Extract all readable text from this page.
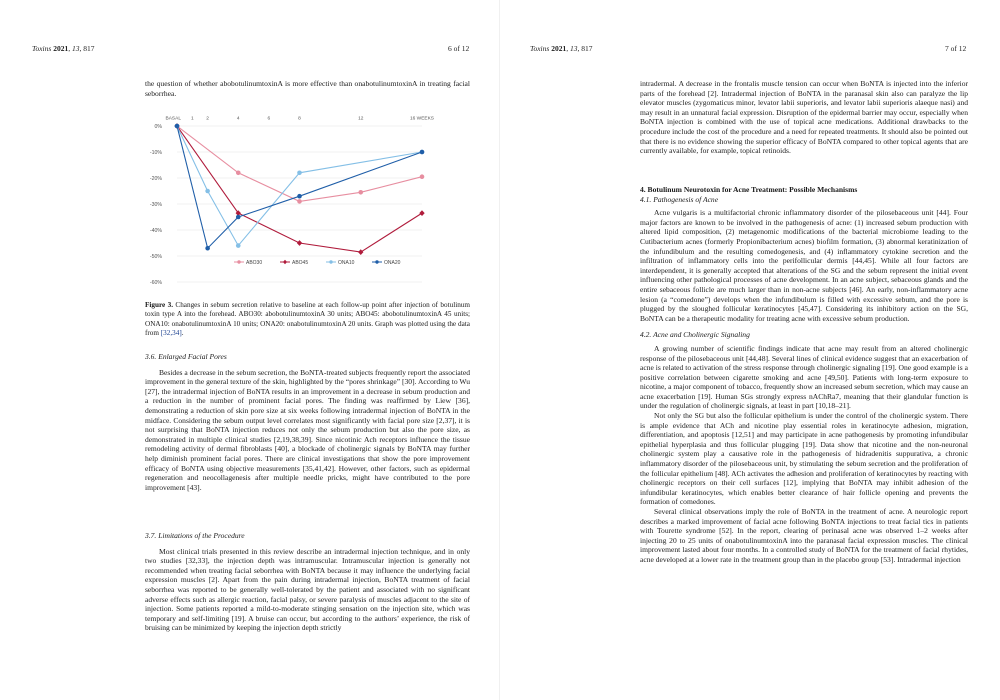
Toxins 2021, 13, 817	6 of 12

the question of whether abobotulinumtoxinA is more effective than onabotulinumtoxinA in treating facial seborrhea.

0%
-10%
-20%
-30%
-40%
-50%
-60%
BASAL 1	2	4	6	8	12	16 WEEKS
ABO30	ABO45	ONA10	ONA20
Figure 3. Changes in sebum secretion relative to baseline at each follow-up point after injection of botulinum toxin type A into the forehead. ABO30: abobotulinumtoxinA 30 units; ABO45: abobotulinumtoxinA 45 units; ONA10: onabotulinumtoxinA 10 units; ONA20: onabotulinumtoxinA 20 units. Graph was plotted using the data from [32,34].

3.6. Enlarged Facial Pores

Besides a decrease in the sebum secretion, the BoNTA-treated subjects frequently report the associated improvement in the general texture of the skin, highlighted by the “pores shrinkage” [30]. According to Wu [27], the intradermal injection of BoNTA results in an improvement in a decrease in sebum production and a reduction in the number of prominent facial pores. The finding was reaffirmed by Liew [36], demonstrating a reduction of skin pore size at six weeks following intradermal injection of BoNTA in the midface. Considering the sebum output level correlates most significantly with facial pore size [2,37], it is not surprising that BoNTA injection reduces not only the sebum production but also the pore size, as demonstrated in multiple clinical studies [2,19,38,39]. Since nicotinic Ach receptors influence the tissue remodeling activity of dermal fibroblasts [40], a blockade of cholinergic signals by BoNTA may further help diminish prominent facial pores. There are clinical investigations that show the pore improvement efficacy of BoNTA using objective measurements [35,41,42]. However, other factors, such as epidermal regeneration and neocollagenesis after multiple needle pricks, might have contributed to the pore improvement [43].

3.7. Limitations of the Procedure

Most clinical trials presented in this review describe an intradermal injection technique, and in only two studies [32,33], the injection depth was intramuscular. Intramuscular injection is generally not recommended when treating facial seborrhea with BoNTA because it may influence the underlying facial expression muscles [2]. Apart from the pain during intradermal injection, BoNTA treatment of facial seborrhea was reported to be generally well-tolerated by the patient and associated with no significant adverse effects such as allergic reaction, facial palsy, or severe paralysis of muscles adjacent to the site of injection. Some patients reported a mild-to-moderate stinging sensation on the injection site, which was temporary and self-limiting [19]. A bruise can occur, but according to the authors’ experience, the risk of bruising can be minimized by keeping the injection depth strictly

Toxins 2021, 13, 817	7 of 12

intradermal. A decrease in the frontalis muscle tension can occur when BoNTA is injected into the inferior parts of the forehead [2]. Intradermal injection of BoNTA in the paranasal skin also can paralyze the lip elevator muscles (zygomaticus minor, levator labii superioris, and levator labii superioris alaeque nasi) and may result in an unnatural facial expression. Disruption of the epidermal barrier may occur, especially when BoNTA injection is combined with the use of topical acne medications. Additional drawbacks to the procedure include the cost of the procedure and a need for repeated treatments. It should also be pointed out that there is no evidence showing the superior efficacy of BoNTA compared to other topical agents that are currently available, for example, topical retinoids.

4. Botulinum Neurotoxin for Acne Treatment: Possible Mechanisms

4.1. Pathogenesis of Acne

Acne vulgaris is a multifactorial chronic inflammatory disorder of the pilosebaceous unit [44]. Four major factors are known to be involved in the pathogenesis of acne: (1) increased sebum production with altered lipid composition, (2) metagenomic modifications of the bacterial microbiome leading to the Cutibacterium acnes (formerly Propionibacterium acnes) biofilm formation, (3) abnormal keratinization of the infundibulum and the resulting comedogenesis, and (4) inflammatory cytokine secretion and the infiltration of inflammatory cells into the perifollicular dermis [44,45]. While all four factors are interdependent, it is generally accepted that alterations of the SG and the sebum represent the initial event influencing other pathological processes of acne development. In an acne subject, sebaceous glands and the entire sebaceous follicle are much larger than in non-acne subjects [46]. An early, non-inflammatory acne lesion (a “comedone”) develops when the infundibulum is filled with excessive sebum, and the pore is plugged by the sloughed follicular keratinocytes [45,47]. Considering its inhibitory action on the SG, BoNTA can be a therapeutic modality for treating acne with excessive sebum production.

4.2. Acne and Cholinergic Signaling

A growing number of scientific findings indicate that acne may result from an altered cholinergic response of the pilosebaceous unit [44,48]. Several lines of clinical evidence suggest that an exacerbation of acne is related to activation of the stress response through cholinergic signaling [19]. One good example is a positive correlation between cigarette smoking and acne [49,50]. Patients with long-term exposure to nicotine, a major component of tobacco, frequently show an increased sebum secretion, which may cause an acne exacerbation [19]. Human SGs strongly express nAChRa7, meaning that their glandular function is under the regulation of cholinergic signals, at least in part [10,18–21].

Not only the SG but also the follicular epithelium is under the control of the cholinergic system. There is ample evidence that ACh and nicotine play essential roles in keratinocyte adhesion, migration, differentiation, and apoptosis [12,51] and may participate in acne pathogenesis by promoting infundibular epithelial hyperplasia and thus follicular plugging [19]. Data show that nicotine and the non-neuronal cholinergic system play a causative role in the pathogenesis of hidradenitis suppurativa, a chronic inflammatory disorder of the pilosebaceous unit, by stimulating the sebum secretion and the proliferation of the follicular epithelium [48]. ACh activates the adhesion and proliferation of keratinocytes by reacting with cholinergic receptors on their cell surfaces [12], implying that BoNTA may inhibit adhesion of the infundibular keratinocytes, which enables better clearance of hair follicle opening and prevents the formation of comedones.

Several clinical observations imply the role of BoNTA in the treatment of acne. A neurologic report describes a marked improvement of facial acne following BoNTA injections to treat facial tics in patients with Tourette syndrome [52]. In the report, clearing of perinasal acne was observed 1–2 weeks after injecting 20 to 25 units of onabotulinumtoxinA into the paranasal facial expression muscles. The clinical improvement lasted about four months. In a controlled study of BoNTA for the treatment of facial rhytides, acne developed at a lower rate in the treatment group than in the placebo group [53]. Intradermal injection
